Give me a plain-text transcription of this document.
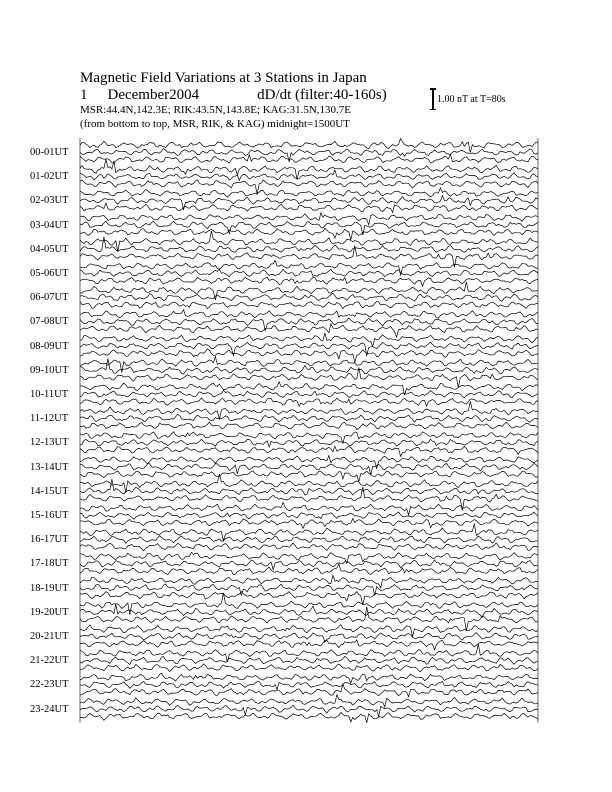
Magnetic Field Variations at 3 Stations in Japan
1 December2004	dD/dt (filter:40-160s)
MSR:44.4N,142.3E; RIK:43.5N,143.8E; KAG:31.5N,130.7E
(from bottom to top, MSR, RIK, & KAG) midnight=1500UT
1.00 nT at T=80s
00-01UT
01-02UT
02-03UT
03-04UT
04-05UT
05-06UT
06-07UT
07-08UT
08-09UT
09-10UT
10-11UT
11-12UT
12-13UT
13-14UT
14-15UT
15-16UT
16-17UT
17-18UT
18-19UT
19-20UT
20-21UT
21-22UT
22-23UT
23-24UT
